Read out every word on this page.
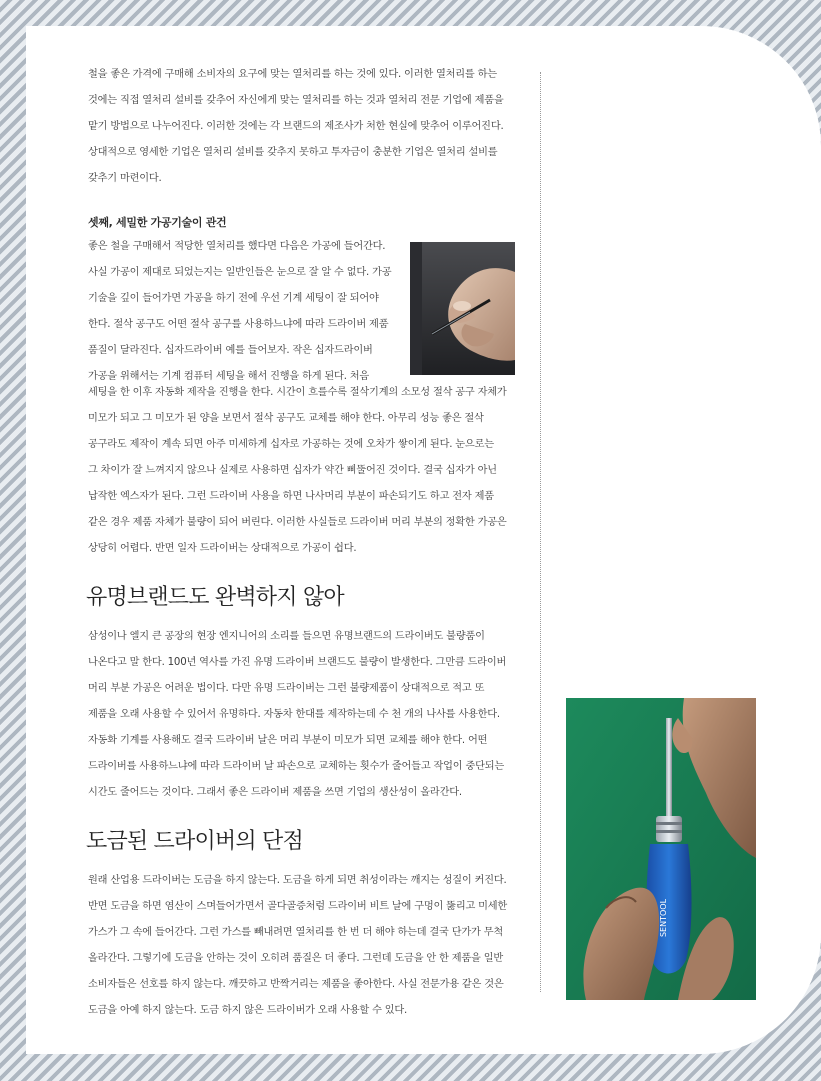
철을 좋은 가격에 구매해 소비자의 요구에 맞는 열처리를 하는 것에 있다. 이러한 열처리를 하는
것에는 직접 열처리 설비를 갖추어 자신에게 맞는 열처리를 하는 것과 열처리 전문 기업에 제품을
맡기 방법으로 나누어진다. 이러한 것에는 각 브랜드의 제조사가 처한 현실에 맞추어 이루어진다.
상대적으로 영세한 기업은 열처리 설비를 갖추지 못하고 투자금이 충분한 기업은 열처리 설비를
갖추기 마련이다.
셋째, 세밀한 가공기술이 관건
좋은 철을 구매해서 적당한 열처리를 했다면 다음은 가공에 들어간다.
사실 가공이 제대로 되었는지는 일반인들은 눈으로 잘 알 수 없다. 가공
기술을 깊이 들어가면 가공을 하기 전에 우선 기계 세팅이 잘 되어야
한다. 절삭 공구도 어떤 절삭 공구를 사용하느냐에 따라 드라이버 제품
품질이 달라진다. 십자드라이버 예를 들어보자. 작은 십자드라이버
가공을 위해서는 기계 컴퓨터 세팅을 해서 진행을 하게 된다. 처음
세팅을 한 이후 자동화 제작을 진행을 한다. 시간이 흐를수록 절삭기계의 소모성 절삭 공구 자체가
미모가 되고 그 미모가 된 양을 보면서 절삭 공구도 교체를 해야 한다. 아무리 성능 좋은 절삭
공구라도 제작이 계속 되면 아주 미세하게 십자로 가공하는 것에 오차가 쌓이게 된다. 눈으로는
그 차이가 잘 느껴지지 않으나 실제로 사용하면 십자가 약간 삐뚤어진 것이다. 결국 십자가 아닌
납작한 엑스자가 된다. 그런 드라이버 사용을 하면 나사머리 부분이 파손되기도 하고 전자 제품
같은 경우 제품 자체가 불량이 되어 버린다. 이러한 사실들로 드라이버 머리 부분의 정확한 가공은
상당히 어렵다. 반면 일자 드라이버는 상대적으로 가공이 쉽다.
유명브랜드도 완벽하지 않아
삼성이나 엘지 큰 공장의 현장 엔지니어의 소리를 들으면 유명브랜드의 드라이버도 불량품이
나온다고 말 한다. 100년 역사를 가진 유명 드라이버 브랜드도 불량이 발생한다. 그만큼 드라이버
머리 부분 가공은 어려운 법이다. 다만 유명 드라이버는 그런 불량제품이 상대적으로 적고 또
제품을 오래 사용할 수 있어서 유명하다. 자동차 한대를 제작하는데 수 천 개의 나사를 사용한다.
자동화 기계를 사용해도 결국 드라이버 날은 머리 부분이 미모가 되면 교체를 해야 한다. 어떤
드라이버를 사용하느냐에 따라 드라이버 날 파손으로 교체하는 횟수가 줄어들고 작업이 중단되는
시간도 줄어드는 것이다. 그래서 좋은 드라이버 제품을 쓰면 기업의 생산성이 올라간다.
도금된 드라이버의 단점
원래 산업용 드라이버는 도금을 하지 않는다. 도금을 하게 되면 취성이라는 깨지는 성질이 커진다.
반면 도금을 하면 염산이 스며들어가면서 골다골증처럼 드라이버 비트 날에 구멍이 뚫리고 미세한
가스가 그 속에 들어간다. 그런 가스를 빼내려면 열처리를 한 번 더 해야 하는데 결국 단가가 무척
올라간다. 그렇기에 도금을 안하는 것이 오히려 품질은 더 좋다. 그런데 도금을 안 한 제품을 일반
소비자들은 선호를 하지 않는다. 깨끗하고 반짝거리는 제품을 좋아한다. 사실 전문가용 같은 것은
도금을 아예 하지 않는다. 도금 하지 않은 드라이버가 오래 사용할 수 있다.
SENTOOL
